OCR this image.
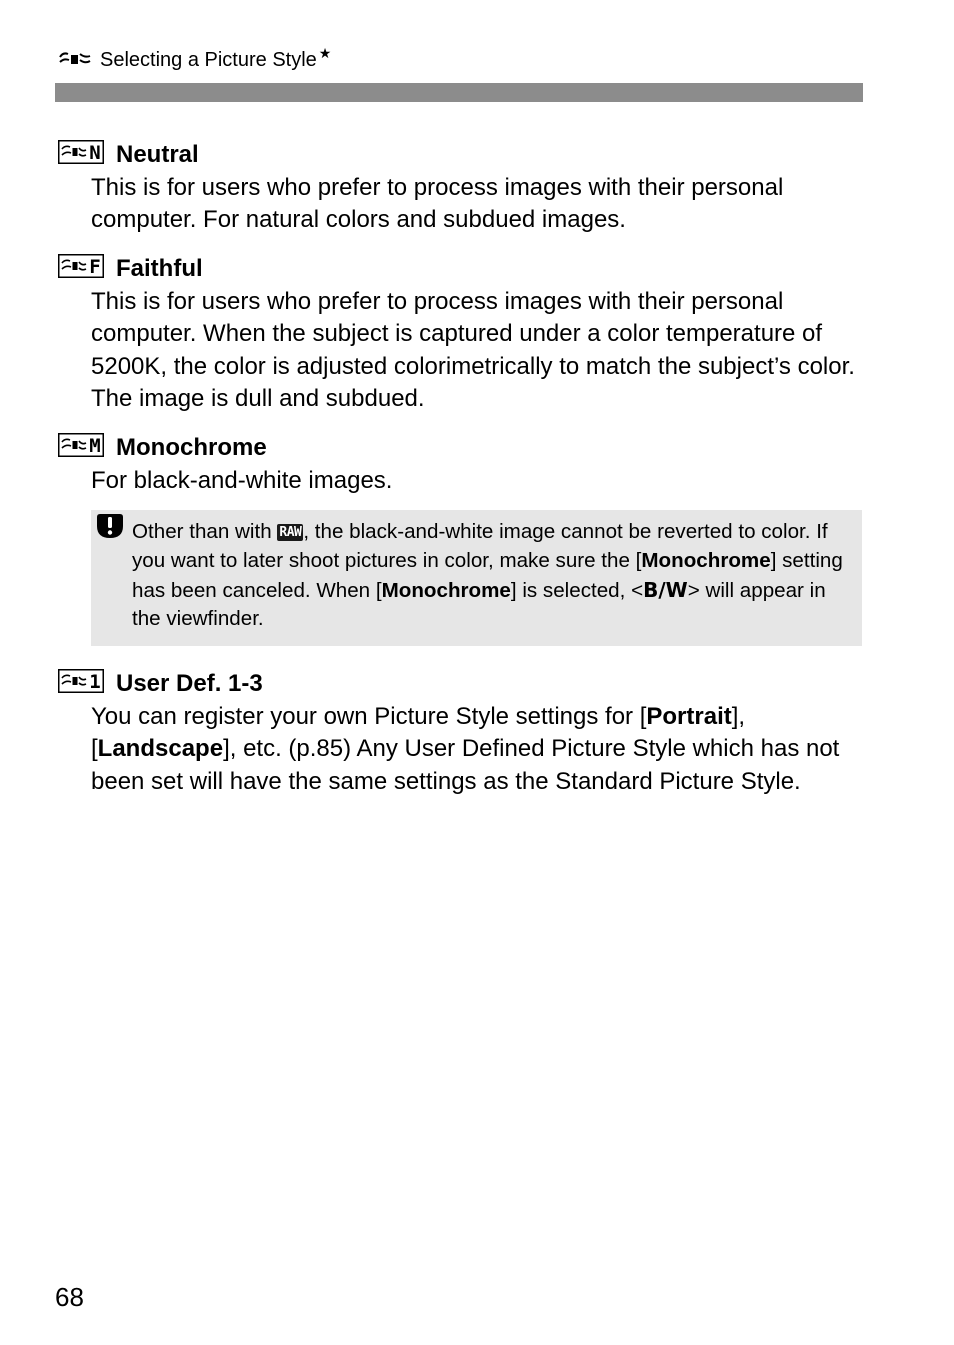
Selecting a Picture Style ★
N Neutral
This is for users who prefer to process images with their personal computer. For natural colors and subdued images.
F Faithful
This is for users who prefer to process images with their personal computer. When the subject is captured under a color temperature of 5200K, the color is adjusted colorimetrically to match the subject’s color. The image is dull and subdued.
M Monochrome
For black-and-white images.
Other than with RAW, the black-and-white image cannot be reverted to color. If you want to later shoot pictures in color, make sure the [Monochrome] setting has been canceled. When [Monochrome] is selected, <B/W> will appear in the viewfinder.
1 User Def. 1-3
You can register your own Picture Style settings for [Portrait], [Landscape], etc. (p.85) Any User Defined Picture Style which has not been set will have the same settings as the Standard Picture Style.
68
